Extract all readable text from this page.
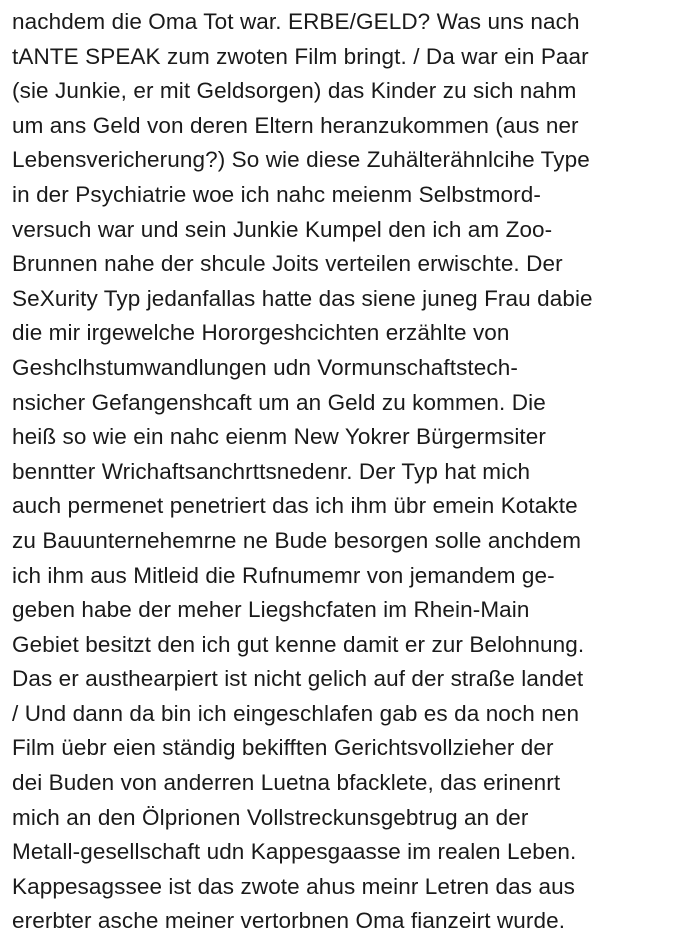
nachdem die Oma Tot war. ERBE/GELD? Was uns nach
tANTE SPEAK zum zwoten Film bringt. / Da war ein Paar
(sie Junkie, er mit Geldsorgen) das Kinder zu sich nahm
um ans Geld von deren Eltern heranzukommen (aus ner
Lebensvericherung?) So wie diese Zuhälterähnlcihe Type
in der Psychiatrie woe ich nahc meienm Selbstmord-
versuch war und sein Junkie Kumpel den ich am Zoo-
Brunnen nahe der shcule Joits verteilen erwischte. Der
SeXurity Typ jedanfallas hatte das siene juneg Frau dabie
die mir irgewelche Hororgeshcichten erzählte von
Geshclhstumwandlungen udn Vormunschaftstech-
nsicher Gefangenshcaft um an Geld zu kommen. Die
heiß so wie ein nahc eienm New Yokrer Bürgermsiter
benntter Wrichaftsanchrttsnedenr. Der Typ hat mich
auch permenet penetriert das ich ihm übr emein Kotakte
zu Bauunternehemrne ne Bude besorgen solle anchdem
ich ihm aus Mitleid die Rufnumemr von jemandem ge-
geben habe der meher Liegshcfaten im Rhein-Main
Gebiet besitzt den ich gut kenne damit er zur Belohnung.
Das er austhearpiert ist nicht gelich auf der straße landet
/ Und dann da bin ich eingeschlafen gab es da noch nen
Film üebr eien ständig bekifften Gerichtsvollzieher der
dei Buden von anderren Luetna bfacklete, das erinenrt
mich an den Ölprionen Vollstreckunsgebtrug an der
Metall-gesellschaft udn Kappesgaasse im realen Leben.
Kappesagssee ist das zwote ahus meinr Letren das aus
ererbter asche meiner vertorbnen Oma fianzeirt wurde.
